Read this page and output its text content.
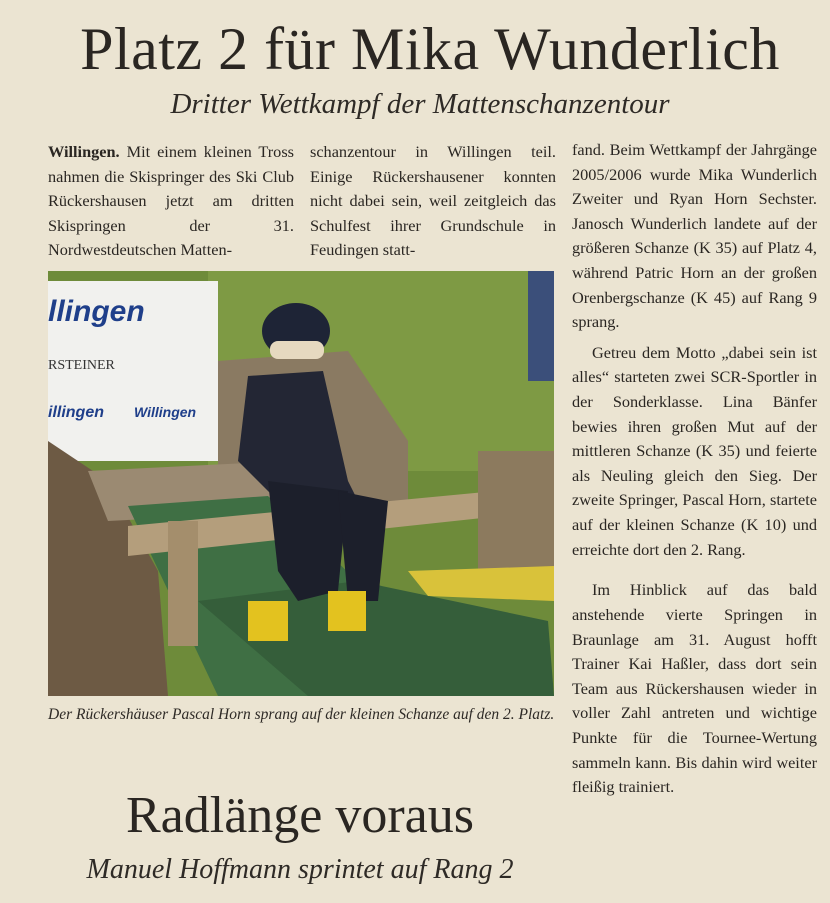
Platz 2 für Mika Wunderlich
Dritter Wettkampf der Mattenschanzentour

Willingen. Mit einem kleinen Tross nahmen die Skispringer des Ski Club Rückershausen jetzt am dritten Skispringen der 31. Nordwestdeutschen Matten-

schanzentour in Willingen teil. Einige Rückershausener konnten nicht dabei sein, weil zeitgleich das Schulfest ihrer Grundschule in Feudingen statt-

fand. Beim Wettkampf der Jahrgänge 2005/2006 wurde Mika Wunderlich Zweiter und Ryan Horn Sechster. Janosch Wunderlich landete auf der größeren Schanze (K 35) auf Platz 4, während Patric Horn an der großen Orenbergschanze (K 45) auf Rang 9 sprang.

Getreu dem Motto „dabei sein ist alles“ starteten zwei SCR-Sportler in der Sonderklasse. Lina Bänfer bewies ihren großen Mut auf der mittleren Schanze (K 35) und feierte als Neuling gleich den Sieg. Der zweite Springer, Pascal Horn, startete auf der kleinen Schanze (K 10) und erreichte dort den 2. Rang.

Im Hinblick auf das bald anstehende vierte Springen in Braunlage am 31. August hofft Trainer Kai Haßler, dass dort sein Team aus Rückershausen wieder in voller Zahl antreten und wichtige Punkte für die Tournee-Wertung sammeln kann. Bis dahin wird weiter fleißig trainiert.

llingen
RSTEINER
illingen Willingen
Der Rückershäuser Pascal Horn sprang auf der kleinen Schanze auf den 2. Platz.
Radlänge voraus
Manuel Hoffmann sprintet auf Rang 2
